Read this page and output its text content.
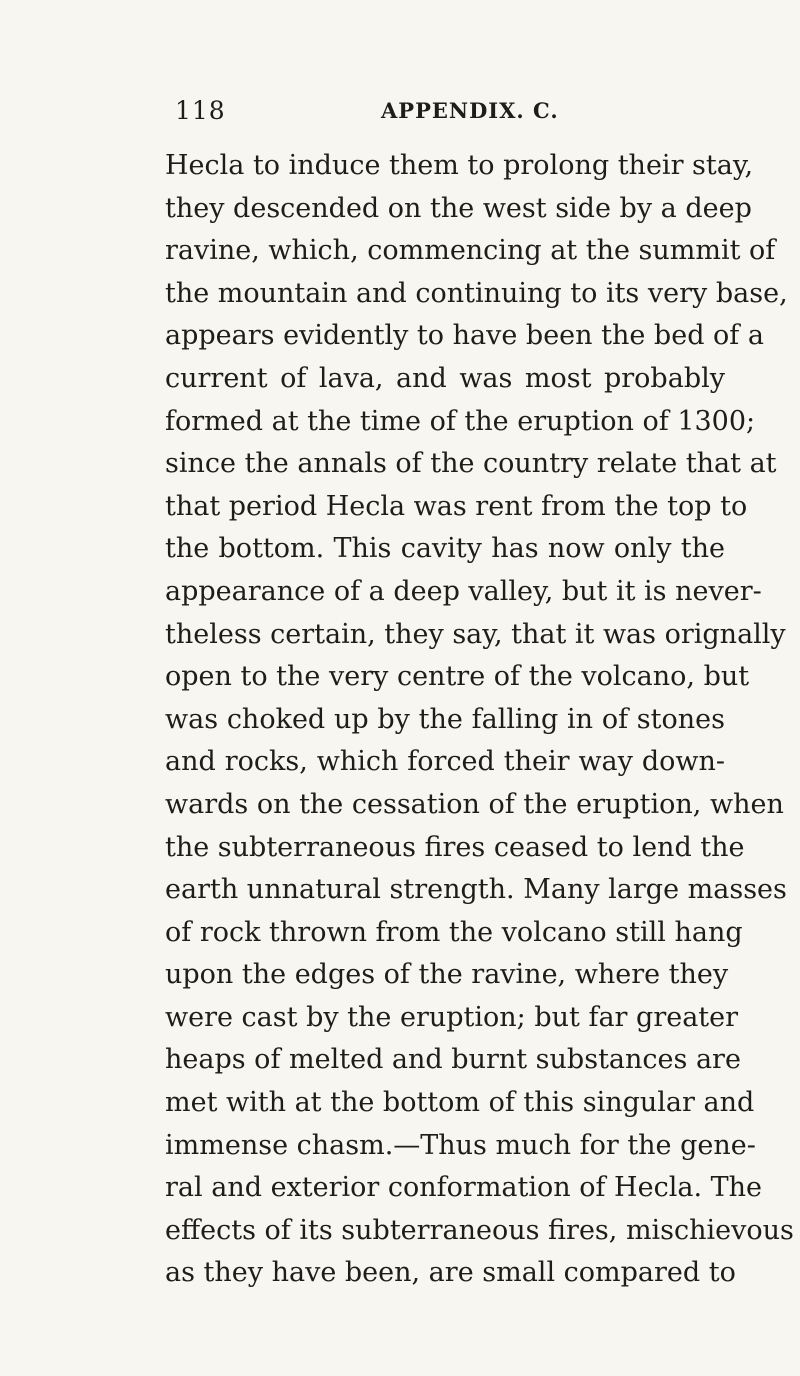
118	APPENDIX. C.
Hecla to induce them to prolong their stay,
they descended on the west side by a deep
ravine, which, commencing at the summit of
the mountain and continuing to its very base,
appears evidently to have been the bed of a
current of lava, and was most probably
formed at the time of the eruption of 1300;
since the annals of the country relate that at
that period Hecla was rent from the top to
the bottom. This cavity has now only the
appearance of a deep valley, but it is never-
theless certain, they say, that it was orignally
open to the very centre of the volcano, but
was choked up by the falling in of stones
and rocks, which forced their way down-
wards on the cessation of the eruption, when
the subterraneous fires ceased to lend the
earth unnatural strength. Many large masses
of rock thrown from the volcano still hang
upon the edges of the ravine, where they
were cast by the eruption; but far greater
heaps of melted and burnt substances are
met with at the bottom of this singular and
immense chasm.—Thus much for the gene-
ral and exterior conformation of Hecla. The
effects of its subterraneous fires, mischievous
as they have been, are small compared to
